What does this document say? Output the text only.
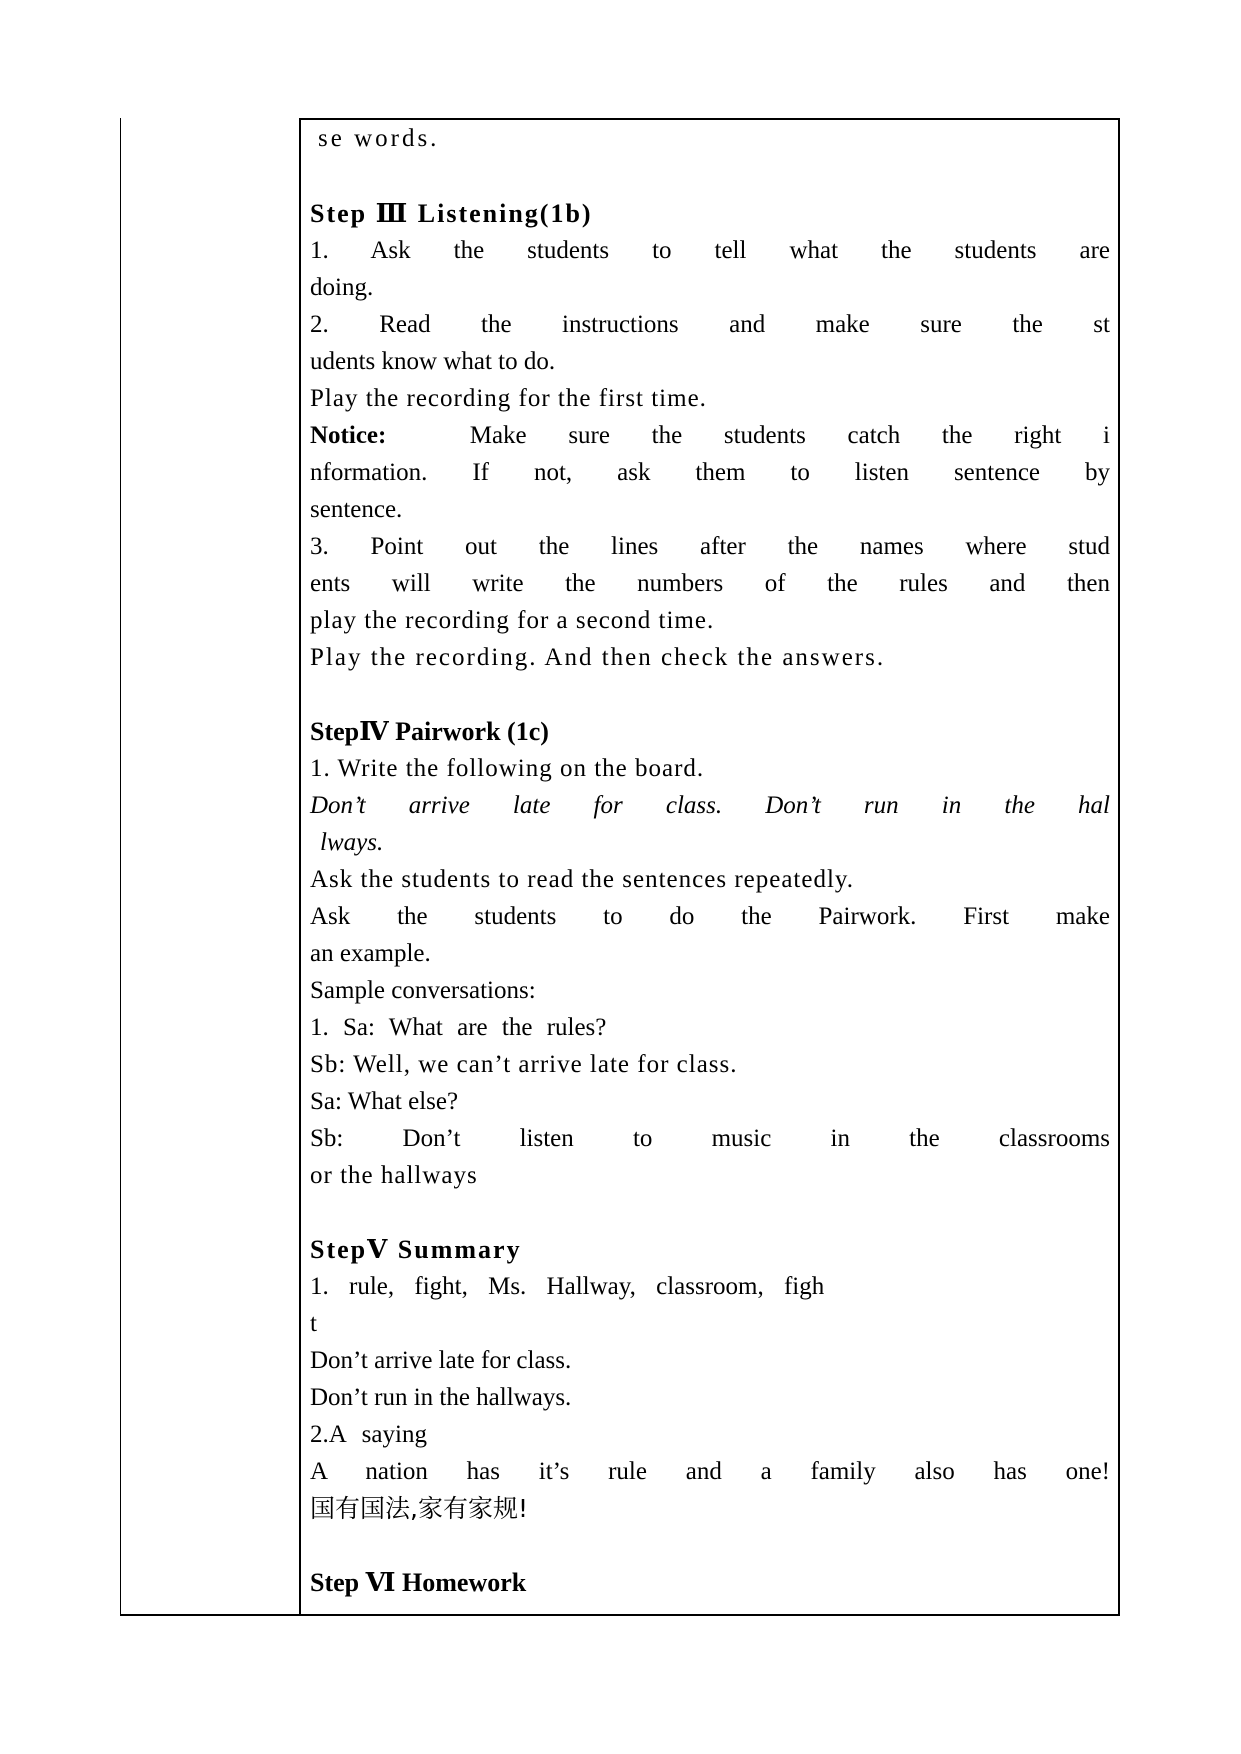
se words.
Step Ⅲ Listening(1b)
1. Ask the students to tell what the students are
doing.
2. Read the instructions and make sure the st
udents know what to do.
Play the recording for the first time.
Notice:	Make sure the students catch the right i
nformation. If not, ask them to listen sentence by
sentence.
3. Point out the lines after the names where stud
ents will write the numbers of the rules and then
play the recording for a second time.
Play the recording. And then check the answers.
StepⅣ Pairwork (1c)
1. Write the following on the board.
Don’t arrive late for class. Don’t run in the hal
lways.
Ask the students to read the sentences repeatedly.
Ask the students to do the Pairwork. First make
an example.
Sample conversations:
1. Sa: What are the rules?
Sb: Well, we can’t arrive late for class.
Sa: What else?
Sb: Don’t listen to music in the classrooms
or the hallways
StepⅤ Summary
1. rule, fight, Ms. Hallway, classroom, figh
t
Don’t arrive late for class.
Don’t run in the hallways.
2.A saying
A nation has it’s rule and a family also has one!
国有国法,家有家规!
Step Ⅵ Homework
